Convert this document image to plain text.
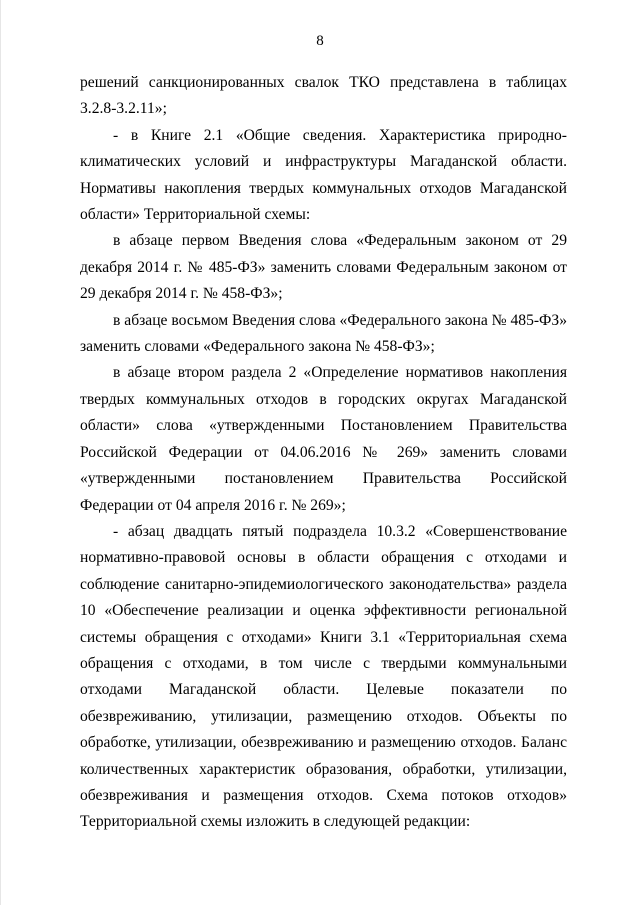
8

решений санкционированных свалок ТКО представлена в таблицах 3.2.8-3.2.11»;

- в Книге 2.1 «Общие сведения. Характеристика природно-климатических условий и инфраструктуры Магаданской области. Нормативы накопления твердых коммунальных отходов Магаданской области» Территориальной схемы:

в абзаце первом Введения слова «Федеральным законом от 29 декабря 2014 г. № 485-ФЗ» заменить словами Федеральным законом от 29 декабря 2014 г. № 458-ФЗ»;

в абзаце восьмом Введения слова «Федерального закона № 485-ФЗ» заменить словами «Федерального закона № 458-ФЗ»;

в абзаце втором раздела 2 «Определение нормативов накопления твердых коммунальных отходов в городских округах Магаданской области» слова «утвержденными Постановлением Правительства Российской Федерации от 04.06.2016 № 269» заменить словами «утвержденными постановлением Правительства Российской Федерации от 04 апреля 2016 г. № 269»;

- абзац двадцать пятый подраздела 10.3.2 «Совершенствование нормативно-правовой основы в области обращения с отходами и соблюдение санитарно-эпидемиологического законодательства» раздела 10 «Обеспечение реализации и оценка эффективности региональной системы обращения с отходами» Книги 3.1 «Территориальная схема обращения с отходами, в том числе с твердыми коммунальными отходами Магаданской области. Целевые показатели по обезвреживанию, утилизации, размещению отходов. Объекты по обработке, утилизации, обезвреживанию и размещению отходов. Баланс количественных характеристик образования, обработки, утилизации, обезвреживания и размещения отходов. Схема потоков отходов» Территориальной схемы изложить в следующей редакции:
